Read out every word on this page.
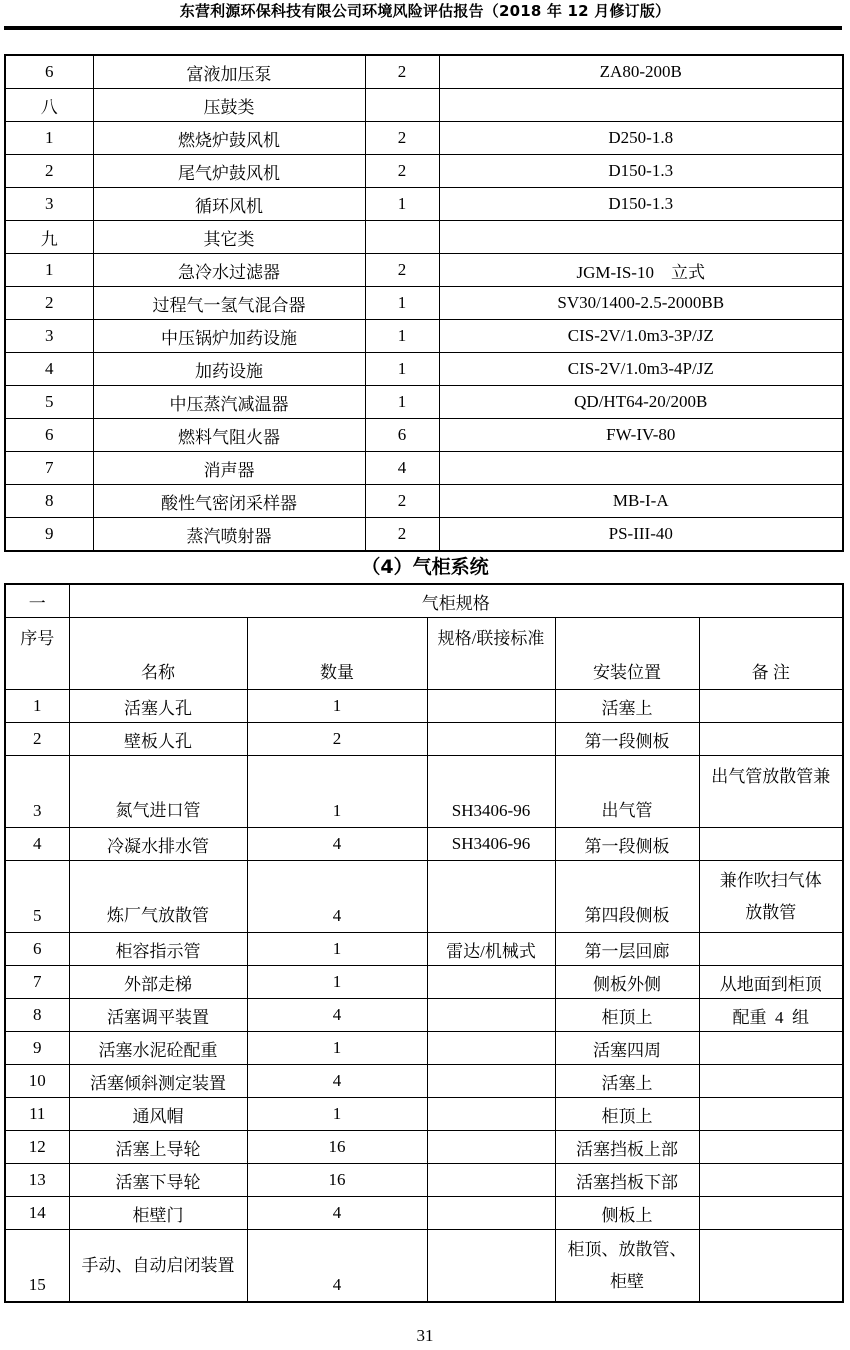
东营利源环保科技有限公司环境风险评估报告（2018 年 12 月修订版）
6	富液加压泵	2	ZA80-200B
八	压鼓类		
1	燃烧炉鼓风机	2	D250-1.8
2	尾气炉鼓风机	2	D150-1.3
3	循环风机	1	D150-1.3
九	其它类		
1	急冷水过滤器	2	JGM-IS-10    立式
2	过程气一氢气混合器	1	SV30/1400-2.5-2000BB
3	中压锅炉加药设施	1	CIS-2V/1.0m3-3P/JZ
4	加药设施	1	CIS-2V/1.0m3-4P/JZ
5	中压蒸汽减温器	1	QD/HT64-20/200B
6	燃料气阻火器	6	FW-IV-80
7	消声器	4	
8	酸性气密闭采样器	2	MB-I-A
9	蒸汽喷射器	2	PS-III-40
（4）气柜系统
一	气柜规格				
序号	名称	数量	规格/联接标准	安装位置	备 注
1	活塞人孔	1		活塞上	
2	壁板人孔	2		第一段侧板	
3	氮气进口管	1	SH3406-96	出气管	出气管放散管兼
4	冷凝水排水管	4	SH3406-96	第一段侧板	
5	炼厂气放散管	4		第四段侧板	兼作吹扫气体放散管
6	柜容指示管	1	雷达/机械式	第一层回廊	
7	外部走梯	1		侧板外侧	从地面到柜顶
8	活塞调平装置	4		柜顶上	配重  4  组
9	活塞水泥砼配重	1		活塞四周	
10	活塞倾斜测定装置	4		活塞上	
11	通风帽	1		柜顶上	
12	活塞上导轮	16		活塞挡板上部	
13	活塞下导轮	16		活塞挡板下部	
14	柜壁门	4		侧板上	
15	手动、自动启闭装置	4		柜顶、放散管、柜壁	
31
